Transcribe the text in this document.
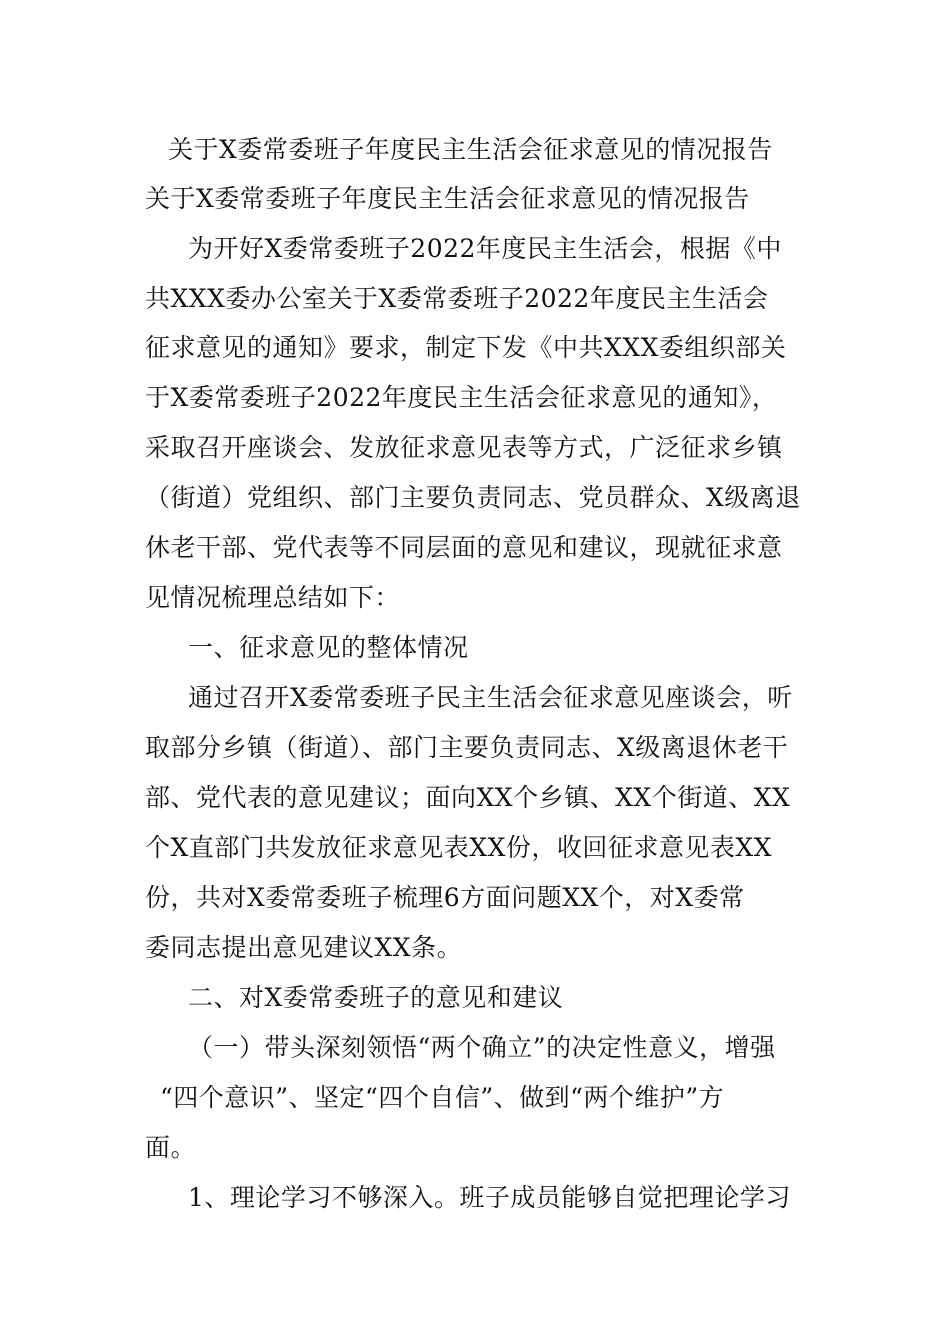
关于X委常委班子年度民主生活会征求意见的情况报告

关于X委常委班子年度民主生活会征求意见的情况报告

为开好X委常委班子2022年度民主生活会，根据《中

共XXX委办公室关于X委常委班子2022年度民主生活会

征求意见的通知》要求，制定下发《中共XXX委组织部关

于X委常委班子2022年度民主生活会征求意见的通知》，

采取召开座谈会、发放征求意见表等方式，广泛征求乡镇

（街道）党组织、部门主要负责同志、党员群众、X级离退

休老干部、党代表等不同层面的意见和建议，现就征求意

见情况梳理总结如下：

一、征求意见的整体情况

通过召开X委常委班子民主生活会征求意见座谈会，听

取部分乡镇（街道）、部门主要负责同志、X级离退休老干

部、党代表的意见建议；面向XX个乡镇、XX个街道、XX

个X直部门共发放征求意见表XX份，收回征求意见表XX

份，共对X委常委班子梳理6方面问题XX个，对X委常

委同志提出意见建议XX条。

二、对X委常委班子的意见和建议

（一）带头深刻领悟“两个确立”的决定性意义，增强

“四个意识”、坚定“四个自信”、做到“两个维护”方

面。

1、理论学习不够深入。班子成员能够自觉把理论学习
